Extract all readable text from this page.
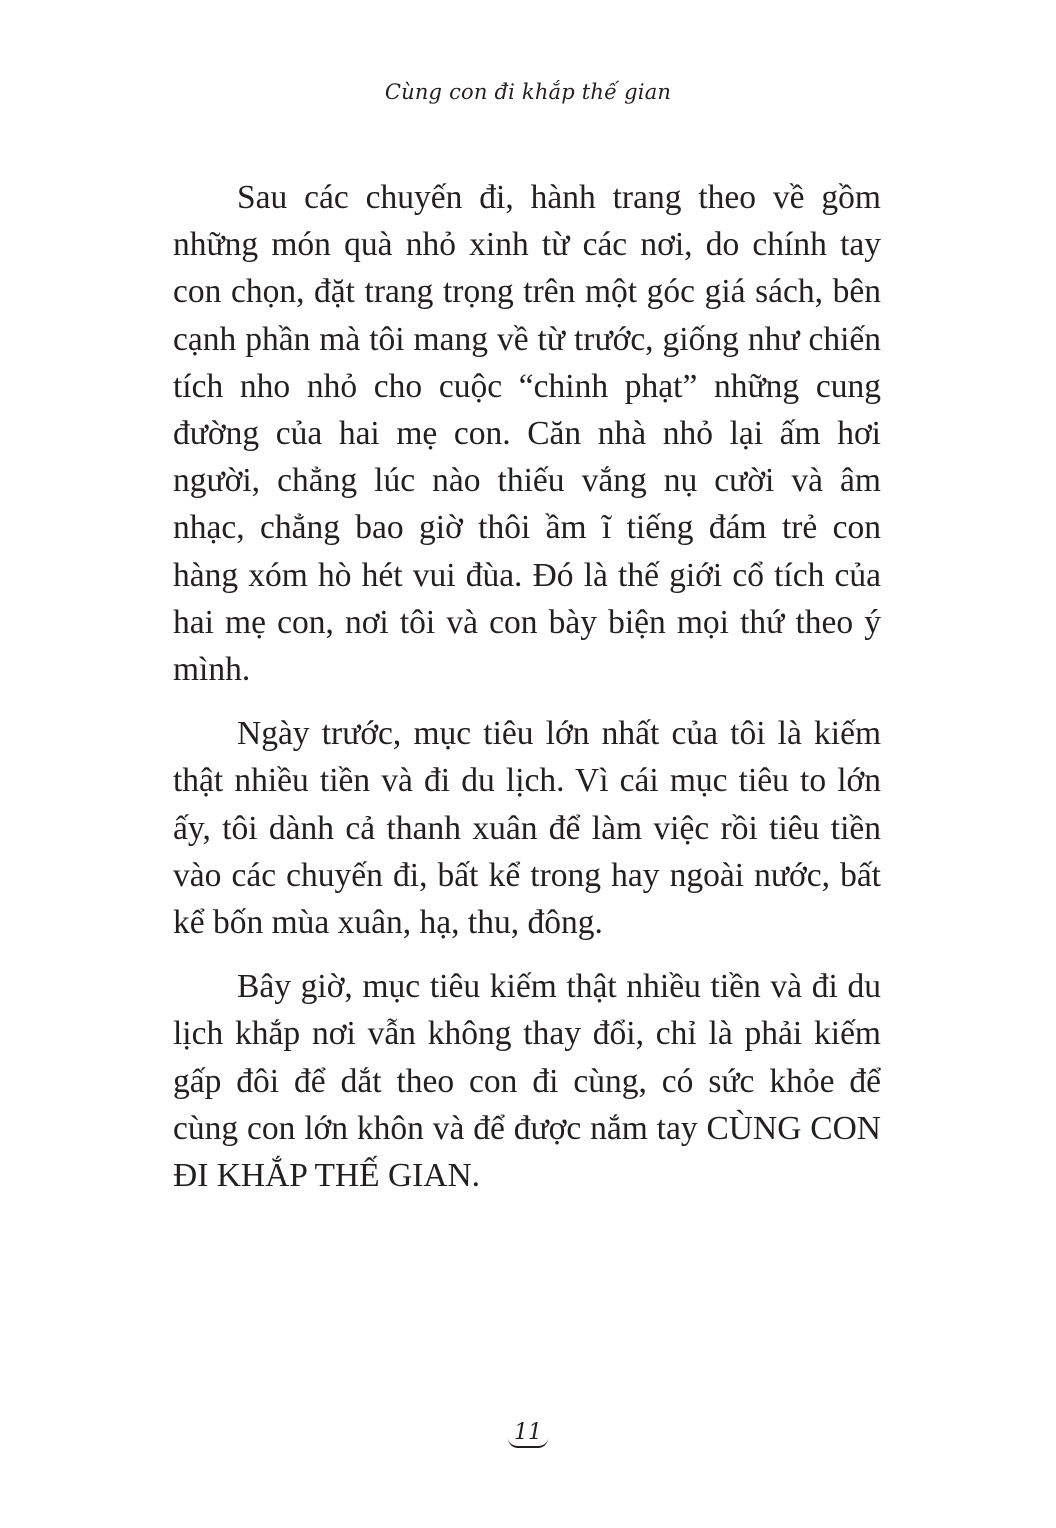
Cùng con đi khắp thế gian

Sau các chuyến đi, hành trang theo về gồm những món quà nhỏ xinh từ các nơi, do chính tay con chọn, đặt trang trọng trên một góc giá sách, bên cạnh phần mà tôi mang về từ trước, giống như chiến tích nho nhỏ cho cuộc “chinh phạt” những cung đường của hai mẹ con. Căn nhà nhỏ lại ấm hơi người, chẳng lúc nào thiếu vắng nụ cười và âm nhạc, chẳng bao giờ thôi ầm ĩ tiếng đám trẻ con hàng xóm hò hét vui đùa. Đó là thế giới cổ tích của hai mẹ con, nơi tôi và con bày biện mọi thứ theo ý mình.

Ngày trước, mục tiêu lớn nhất của tôi là kiếm thật nhiều tiền và đi du lịch. Vì cái mục tiêu to lớn ấy, tôi dành cả thanh xuân để làm việc rồi tiêu tiền vào các chuyến đi, bất kể trong hay ngoài nước, bất kể bốn mùa xuân, hạ, thu, đông.

Bây giờ, mục tiêu kiếm thật nhiều tiền và đi du lịch khắp nơi vẫn không thay đổi, chỉ là phải kiếm gấp đôi để dắt theo con đi cùng, có sức khỏe để cùng con lớn khôn và để được nắm tay CÙNG CON ĐI KHẮP THẾ GIAN.

11
